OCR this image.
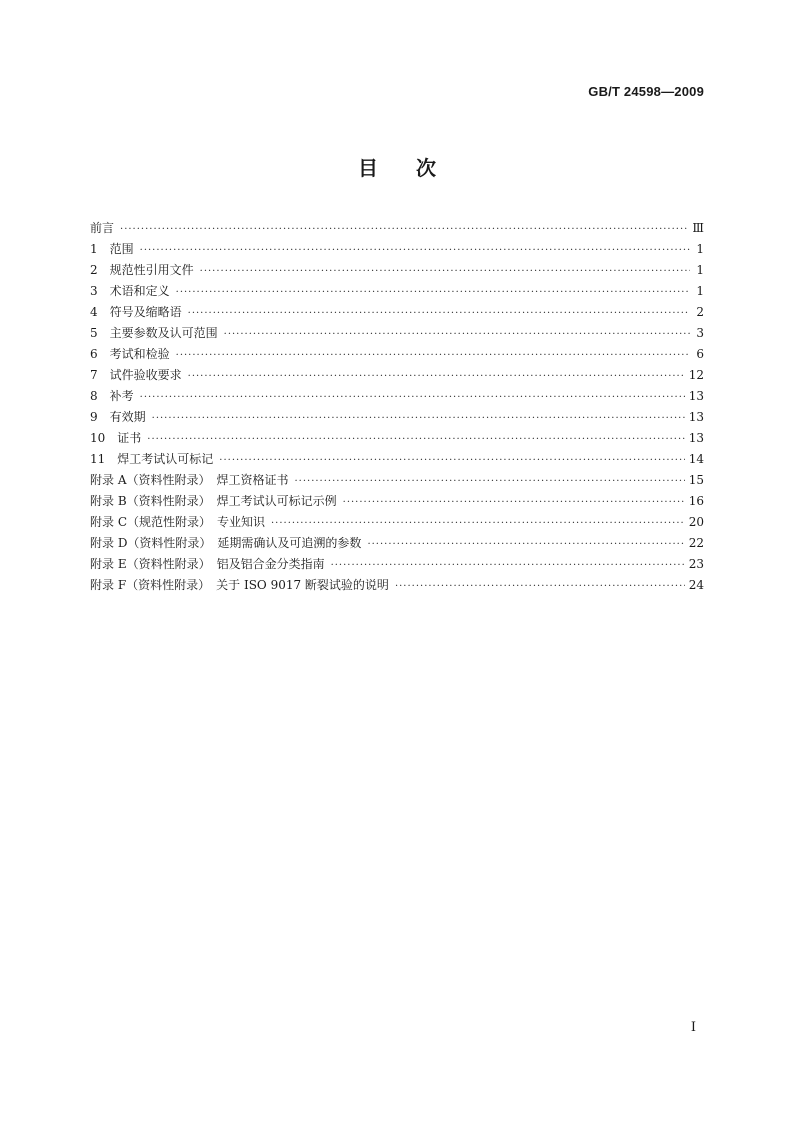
GB/T 24598—2009
目次
前言 ·····	Ⅲ
1　范围 ·····	1
2　规范性引用文件 ·····	1
3　术语和定义 ·····	1
4　符号及缩略语 ·····	2
5　主要参数及认可范围 ·····	3
6　考试和检验 ·····	6
7　试件验收要求 ·····	12
8　补考 ·····	13
9　有效期 ·····	13
10　证书 ·····	13
11　焊工考试认可标记 ·····	14
附录 A（资料性附录）　焊工资格证书 ·····	15
附录 B（资料性附录）　焊工考试认可标记示例 ·····	16
附录 C（规范性附录）　专业知识 ·····	20
附录 D（资料性附录）　延期需确认及可追溯的参数 ·····	22
附录 E（资料性附录）　铝及铝合金分类指南 ·····	23
附录 F（资料性附录）　关于 ISO 9017 断裂试验的说明 ·····	24
I
